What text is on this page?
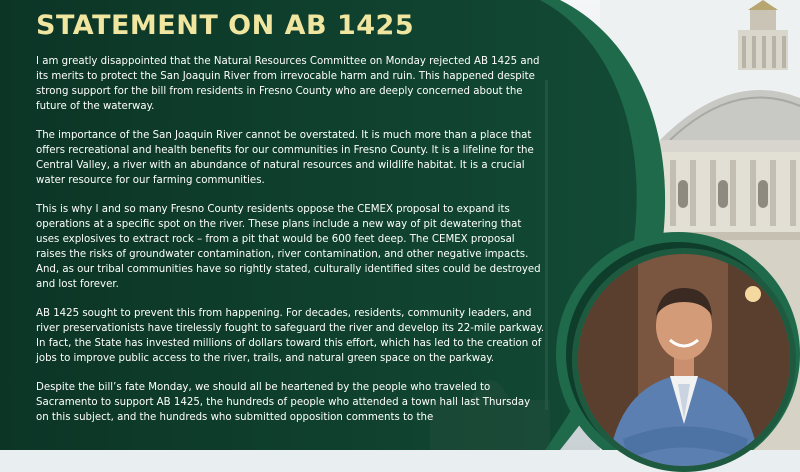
STATEMENT ON AB 1425

I am greatly disappointed that the Natural Resources Committee on Monday rejected AB 1425 and its merits to protect the San Joaquin River from irrevocable harm and ruin. This happened despite strong support for the bill from residents in Fresno County who are deeply concerned about the future of the waterway.

The importance of the San Joaquin River cannot be overstated. It is much more than a place that offers recreational and health benefits for our communities in Fresno County. It is a lifeline for the Central Valley, a river with an abundance of natural resources and wildlife habitat. It is a crucial water resource for our farming communities.

This is why I and so many Fresno County residents oppose the CEMEX proposal to expand its operations at a specific spot on the river. These plans include a new way of pit dewatering that uses explosives to extract rock – from a pit that would be 600 feet deep. The CEMEX proposal raises the risks of groundwater contamination, river contamination, and other negative impacts. And, as our tribal communities have so rightly stated, culturally identified sites could be destroyed and lost forever.

AB 1425 sought to prevent this from happening. For decades, residents, community leaders, and river preservationists have tirelessly fought to safeguard the river and develop its 22-mile parkway. In fact, the State has invested millions of dollars toward this effort, which has led to the creation of jobs to improve public access to the river, trails, and natural green space on the parkway.

Despite the bill’s fate Monday, we should all be heartened by the people who traveled to Sacramento to support AB 1425, the hundreds of people who attended a town hall last Thursday on this subject, and the hundreds who submitted opposition comments to the
